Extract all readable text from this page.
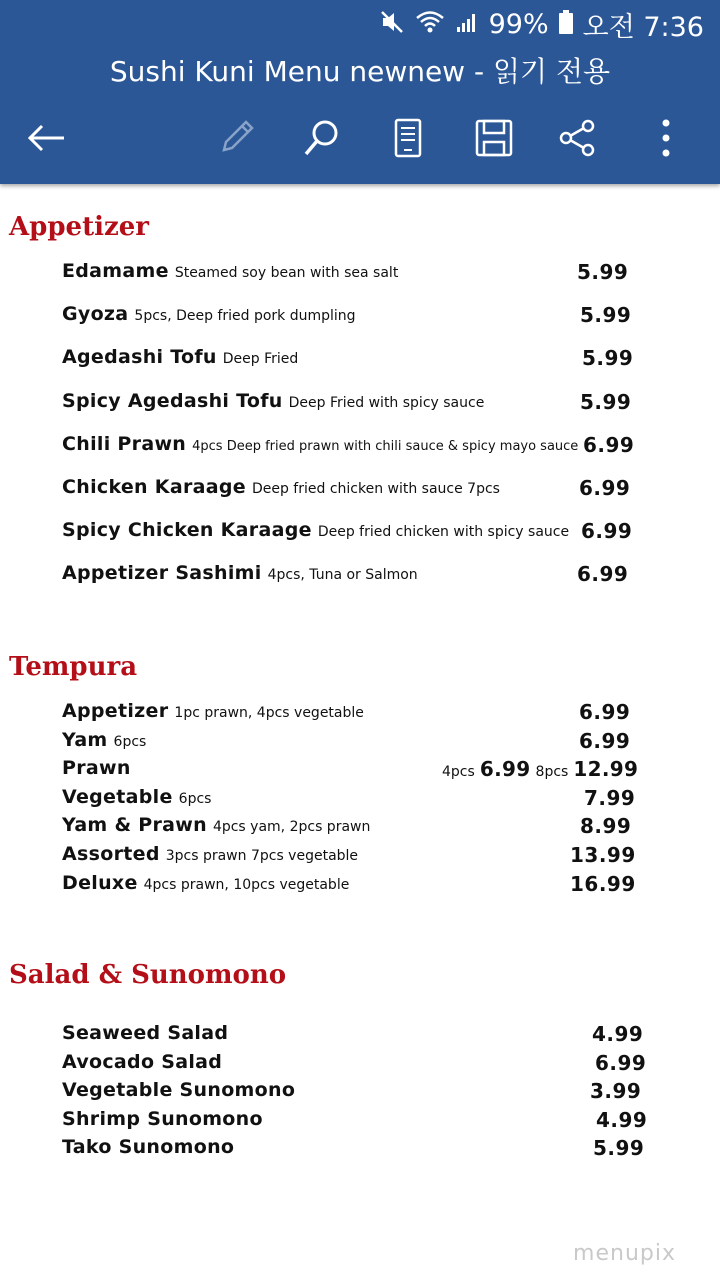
99% 오전 7:36
Sushi Kuni Menu newnew - 읽기 전용
Appetizer
Edamame Steamed soy bean with sea salt	5.99
Gyoza 5pcs, Deep fried pork dumpling	5.99
Agedashi Tofu Deep Fried	5.99
Spicy Agedashi Tofu Deep Fried with spicy sauce	5.99
Chili Prawn 4pcs Deep fried prawn with chili sauce & spicy mayo sauce 6.99
Chicken Karaage Deep fried chicken with sauce 7pcs	6.99
Spicy Chicken Karaage Deep fried chicken with spicy sauce 6.99
Appetizer Sashimi 4pcs, Tuna or Salmon	6.99
Tempura
Appetizer 1pc prawn, 4pcs vegetable	6.99
Yam 6pcs	6.99
Prawn	4pcs 6.99 8pcs 12.99
Vegetable 6pcs	7.99
Yam & Prawn 4pcs yam, 2pcs prawn	8.99
Assorted 3pcs prawn 7pcs vegetable	13.99
Deluxe 4pcs prawn, 10pcs vegetable	16.99
Salad & Sunomono
Seaweed Salad	4.99
Avocado Salad	6.99
Vegetable Sunomono	3.99
Shrimp Sunomono	4.99
Tako Sunomono	5.99
menupix
